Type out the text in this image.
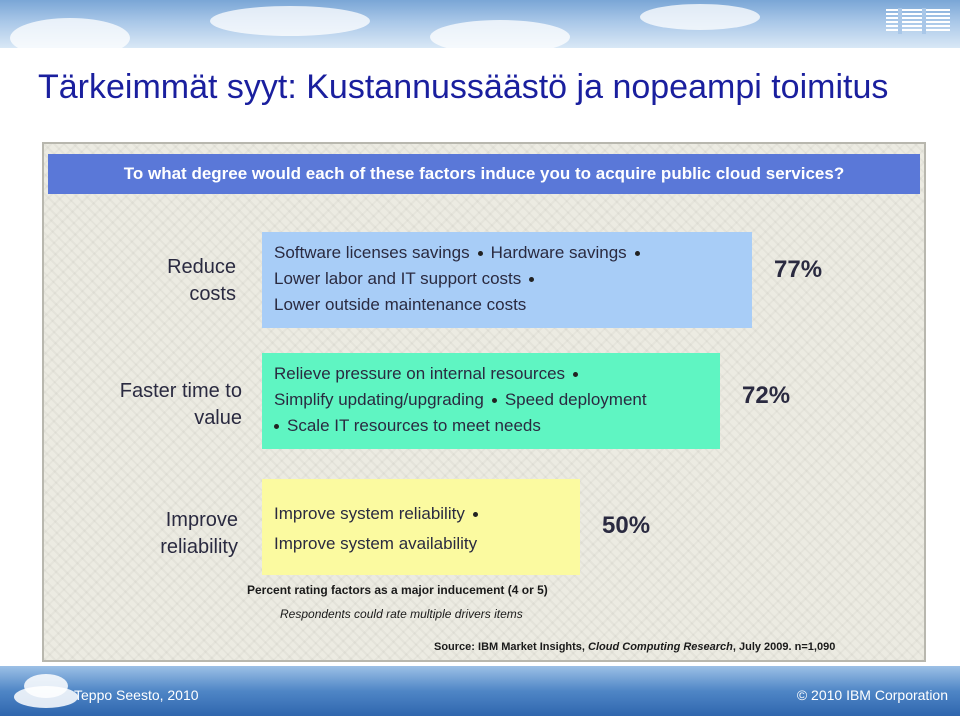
Tärkeimmät syyt: Kustannussäästö ja nopeampi toimitus
To what degree would each of these factors induce you to acquire public cloud services?
Reduce
costs
Software licenses savings Hardware savings
Lower labor and IT support costs
Lower outside maintenance costs
77%
Faster time to
value
Relieve pressure on internal resources
Simplify updating/upgrading Speed deployment
Scale IT resources to meet needs
72%
Improve
reliability
Improve system reliability
Improve system availability
50%
Percent rating factors as a major inducement (4 or 5)
Respondents could rate multiple drivers items
Source: IBM Market Insights, Cloud Computing Research, July 2009. n=1,090
Teppo Seesto, 2010	© 2010 IBM Corporation
